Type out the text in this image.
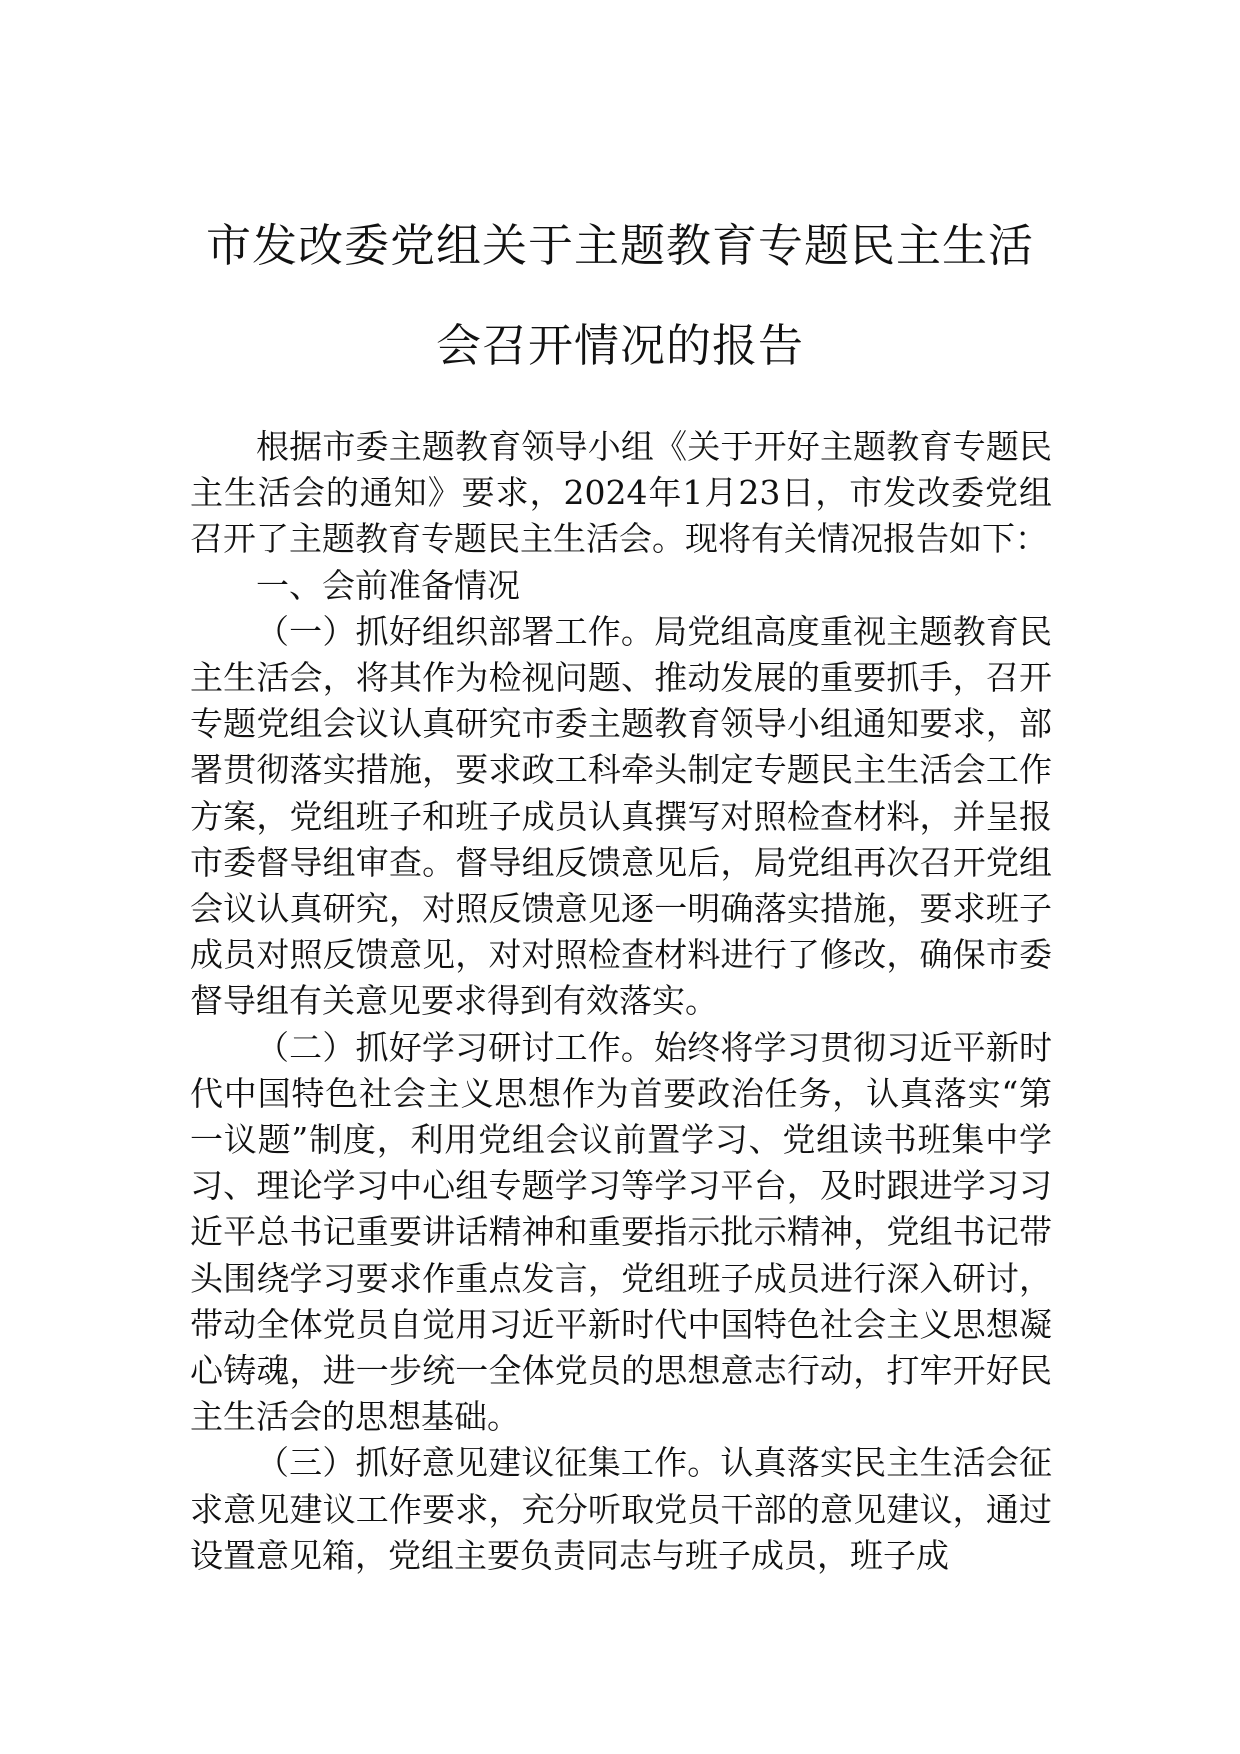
市发改委党组关于主题教育专题民主生活
会召开情况的报告

根据市委主题教育领导小组《关于开好主题教育专题民主生活会的通知》要求，2024年1月23日，市发改委党组召开了主题教育专题民主生活会。现将有关情况报告如下：

一、会前准备情况

（一）抓好组织部署工作。局党组高度重视主题教育民主生活会，将其作为检视问题、推动发展的重要抓手，召开专题党组会议认真研究市委主题教育领导小组通知要求，部署贯彻落实措施，要求政工科牵头制定专题民主生活会工作方案，党组班子和班子成员认真撰写对照检查材料，并呈报市委督导组审查。督导组反馈意见后，局党组再次召开党组会议认真研究，对照反馈意见逐一明确落实措施，要求班子成员对照反馈意见，对对照检查材料进行了修改，确保市委督导组有关意见要求得到有效落实。

（二）抓好学习研讨工作。始终将学习贯彻习近平新时代中国特色社会主义思想作为首要政治任务，认真落实“第一议题”制度，利用党组会议前置学习、党组读书班集中学习、理论学习中心组专题学习等学习平台，及时跟进学习习近平总书记重要讲话精神和重要指示批示精神，党组书记带头围绕学习要求作重点发言，党组班子成员进行深入研讨，带动全体党员自觉用习近平新时代中国特色社会主义思想凝心铸魂，进一步统一全体党员的思想意志行动，打牢开好民主生活会的思想基础。

（三）抓好意见建议征集工作。认真落实民主生活会征求意见建议工作要求，充分听取党员干部的意见建议，通过设置意见箱，党组主要负责同志与班子成员，班子成
